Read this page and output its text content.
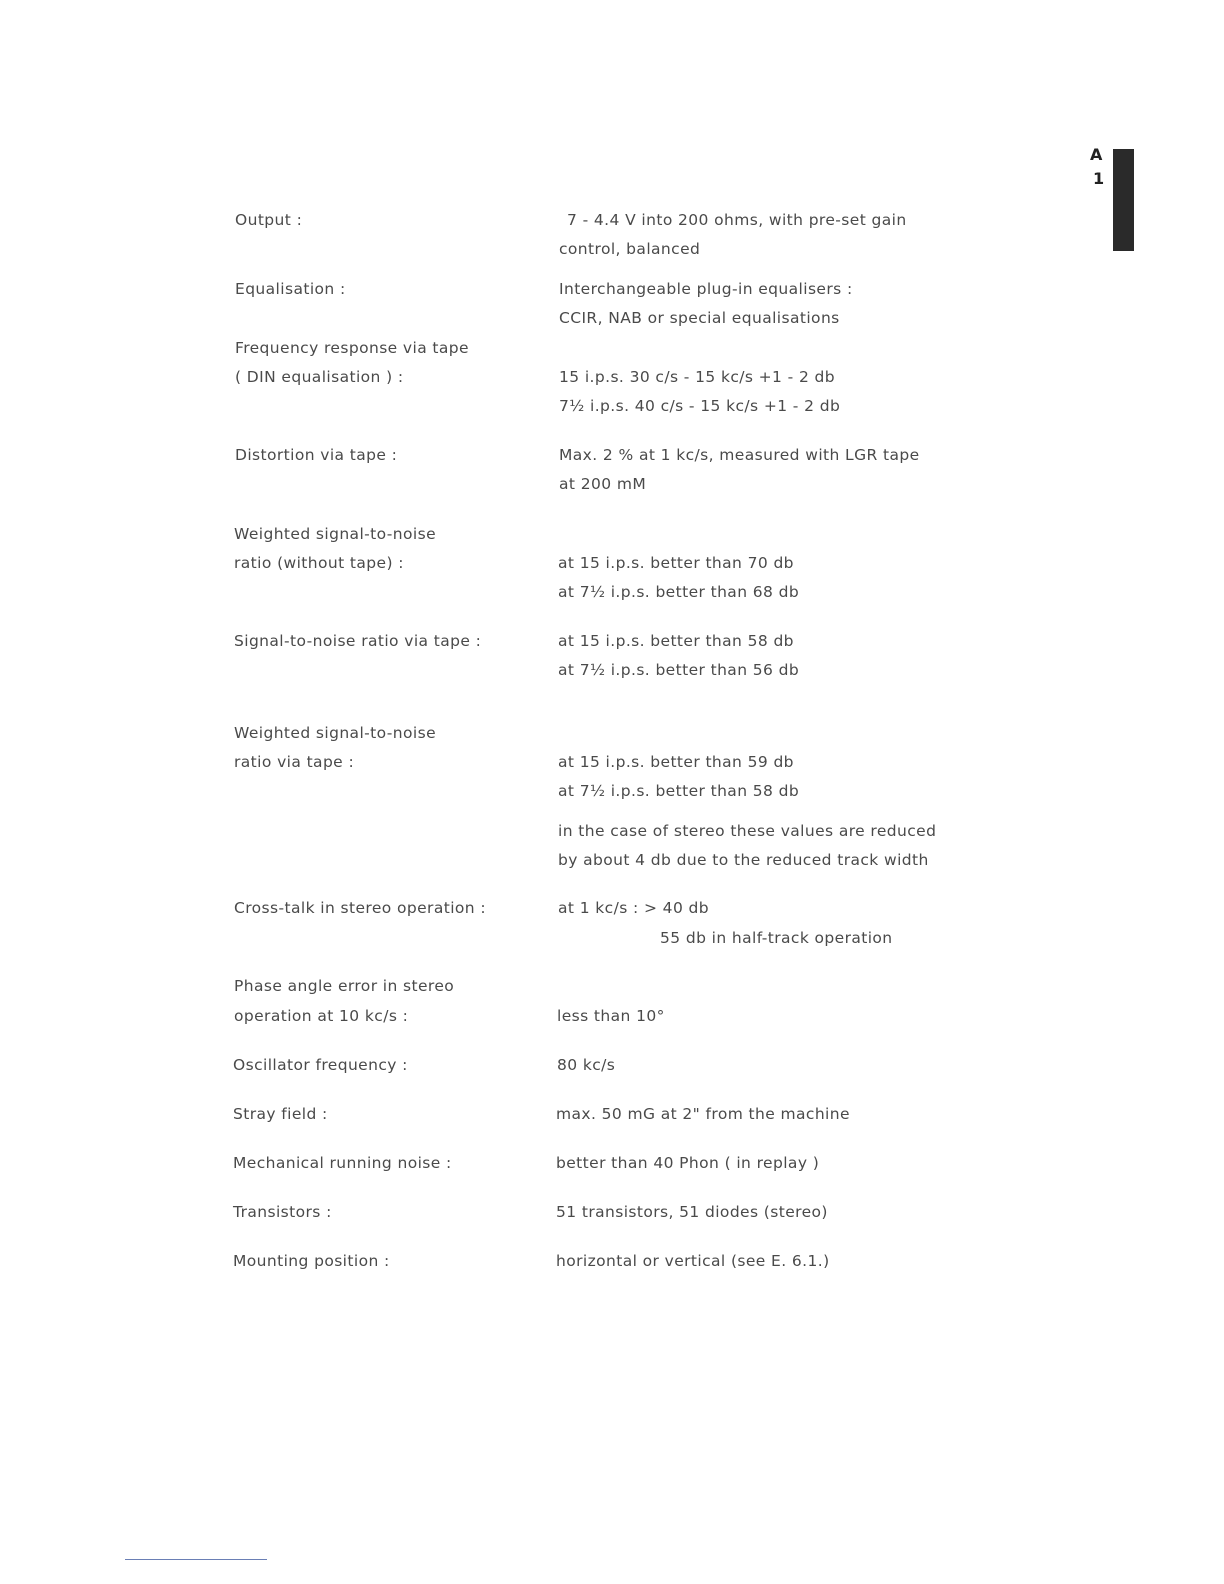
A
1
Output :	7 - 4.4 V into 200 ohms, with pre-set gain
control, balanced
Equalisation :	Interchangeable plug-in equalisers :
CCIR, NAB or special equalisations
Frequency response via tape
( DIN equalisation ) :	15 i.p.s. 30 c/s - 15 kc/s +1 - 2 db
7½ i.p.s. 40 c/s - 15 kc/s +1 - 2 db
Distortion via tape :	Max. 2 % at 1 kc/s, measured with LGR tape
at 200 mM
Weighted signal-to-noise
ratio (without tape) :	at 15 i.p.s. better than 70 db
at 7½ i.p.s. better than 68 db
Signal-to-noise ratio via tape :	at 15 i.p.s. better than 58 db
at 7½ i.p.s. better than 56 db
Weighted signal-to-noise
ratio via tape :	at 15 i.p.s. better than 59 db
at 7½ i.p.s. better than 58 db
in the case of stereo these values are reduced
by about 4 db due to the reduced track width
Cross-talk in stereo operation :	at 1 kc/s : > 40 db
55 db in half-track operation
Phase angle error in stereo
operation at 10 kc/s :	less than 10°
Oscillator frequency :	80 kc/s
Stray field :	max. 50 mG at 2" from the machine
Mechanical running noise :	better than 40 Phon ( in replay )
Transistors :	51 transistors, 51 diodes (stereo)
Mounting position :	horizontal or vertical (see E. 6.1.)
